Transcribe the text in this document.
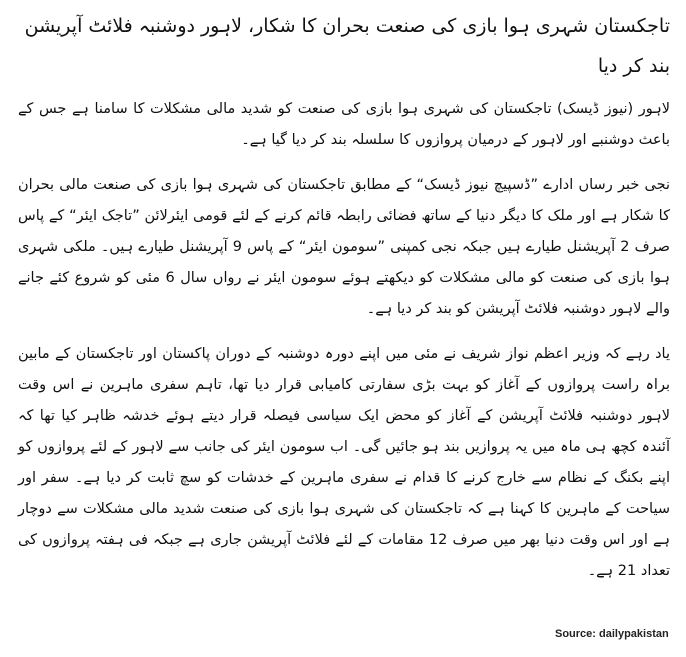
تاجکستان شہری ہوا بازی کی صنعت بحران کا شکار، لاہور دوشنبہ فلائٹ آپریشن بند کر دیا

لاہور (نیوز ڈیسک) تاجکستان کی شہری ہوا بازی کی صنعت کو شدید مالی مشکلات کا سامنا ہے جس کے باعث دوشنبے اور لاہور کے درمیان پروازوں کا سلسلہ بند کر دیا گیا ہے۔

نجی خبر رساں ادارے ”ڈسپیچ نیوز ڈیسک“ کے مطابق تاجکستان کی شہری ہوا بازی کی صنعت مالی بحران کا شکار ہے اور ملک کا دیگر دنیا کے ساتھ فضائی رابطہ قائم کرنے کے لئے قومی ایئرلائن ”تاجک ایئر“ کے پاس صرف 2 آپریشنل طیارے ہیں جبکہ نجی کمپنی ”سومون ایئر“ کے پاس 9 آپریشنل طیارے ہیں۔ ملکی شہری ہوا بازی کی صنعت کو مالی مشکلات کو دیکھتے ہوئے سومون ایئر نے رواں سال 6 مئی کو شروع کئے جانے والے لاہور دوشنبہ فلائٹ آپریشن کو بند کر دیا ہے۔

یاد رہے کہ وزیر اعظم نواز شریف نے مئی میں اپنے دورہ دوشنبہ کے دوران پاکستان اور تاجکستان کے مابین براہ راست پروازوں کے آغاز کو بہت بڑی سفارتی کامیابی قرار دیا تھا، تاہم سفری ماہرین نے اس وقت لاہور دوشنبہ فلائٹ آپریشن کے آغاز کو محض ایک سیاسی فیصلہ قرار دیتے ہوئے خدشہ ظاہر کیا تھا کہ آئندہ کچھ ہی ماہ میں یہ پروازیں بند ہو جائیں گی۔ اب سومون ایئر کی جانب سے لاہور کے لئے پروازوں کو اپنے بکنگ کے نظام سے خارج کرنے کا قدام نے سفری ماہرین کے خدشات کو سچ ثابت کر دیا ہے۔ سفر اور سیاحت کے ماہرین کا کہنا ہے کہ تاجکستان کی شہری ہوا بازی کی صنعت شدید مالی مشکلات سے دوچار ہے اور اس وقت دنیا بھر میں صرف 12 مقامات کے لئے فلائٹ آپریشن جاری ہے جبکہ فی ہفتہ پروازوں کی تعداد 21 ہے۔

Source: dailypakistan
